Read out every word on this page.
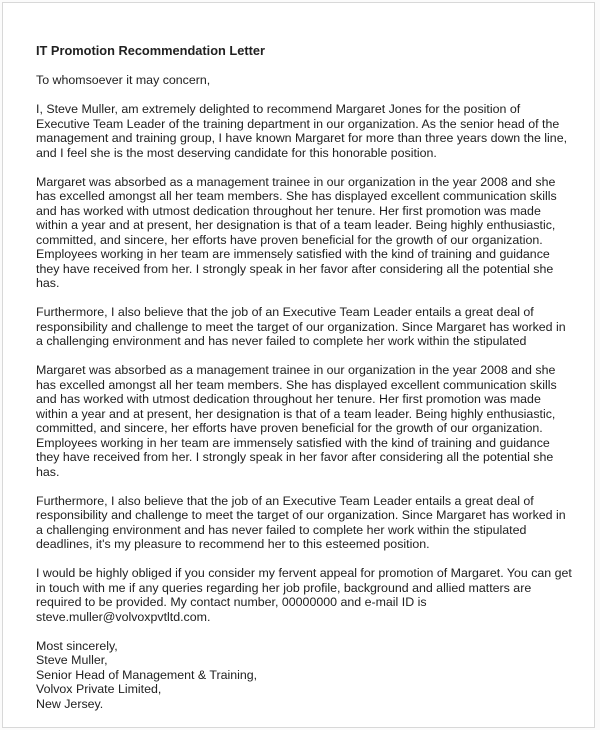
IT Promotion Recommendation Letter
To whomsoever it may concern,

I, Steve Muller, am extremely delighted to recommend Margaret Jones for the position of Executive Team Leader of the training department in our organization. As the senior head of the management and training group, I have known Margaret for more than three years down the line, and I feel she is the most deserving candidate for this honorable position.

Margaret was absorbed as a management trainee in our organization in the year 2008 and she has excelled amongst all her team members. She has displayed excellent communication skills and has worked with utmost dedication throughout her tenure. Her first promotion was made within a year and at present, her designation is that of a team leader. Being highly enthusiastic, committed, and sincere, her efforts have proven beneficial for the growth of our organization. Employees working in her team are immensely satisfied with the kind of training and guidance they have received from her. I strongly speak in her favor after considering all the potential she has.

Furthermore, I also believe that the job of an Executive Team Leader entails a great deal of responsibility and challenge to meet the target of our organization. Since Margaret has worked in a challenging environment and has never failed to complete her work within the stipulated

Margaret was absorbed as a management trainee in our organization in the year 2008 and she has excelled amongst all her team members. She has displayed excellent communication skills and has worked with utmost dedication throughout her tenure. Her first promotion was made within a year and at present, her designation is that of a team leader. Being highly enthusiastic, committed, and sincere, her efforts have proven beneficial for the growth of our organization. Employees working in her team are immensely satisfied with the kind of training and guidance they have received from her. I strongly speak in her favor after considering all the potential she has.

Furthermore, I also believe that the job of an Executive Team Leader entails a great deal of responsibility and challenge to meet the target of our organization. Since Margaret has worked in a challenging environment and has never failed to complete her work within the stipulated deadlines, it's my pleasure to recommend her to this esteemed position.

I would be highly obliged if you consider my fervent appeal for promotion of Margaret. You can get in touch with me if any queries regarding her job profile, background and allied matters are required to be provided. My contact number, 00000000 and e-mail ID is steve.muller@volvoxpvtltd.com.

Most sincerely,
Steve Muller,
Senior Head of Management & Training,
Volvox Private Limited,
New Jersey.
